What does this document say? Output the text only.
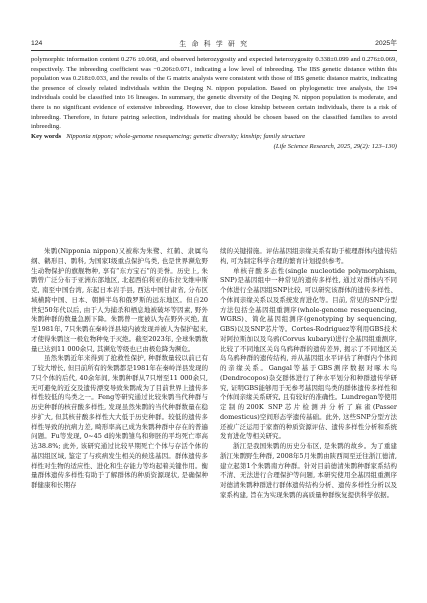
124	生 命 科 学 研 究	2025年

polymorphic information content 0.276 ±0.068, and observed heterozygosity and expected heterozygosity 0.338±0.099 and 0.276±0.069, respectively. The inbreeding coefficient was −0.206±0.071, indicating a low level of inbreeding. The IBS genetic distance within this population was 0.218±0.033, and the results of the G matrix analysis were consistent with those of IBS genetic distance matrix, indicating the presence of closely related individuals within the Deqing N. nippon population. Based on phylogenetic tree analysis, the 194 individuals could be classified into 16 lineages. In summary, the genetic diversity of the Deqing N. nippon population is moderate, and there is no significant evidence of extensive inbreeding. However, due to close kinship between certain individuals, there is a risk of inbreeding. Therefore, in future pairing selection, individuals for mating should be chosen based on the classified families to avoid inbreeding.

Key words Nipponia nippon; whole-genome resequencing; genetic diversity; kinship; family structure

(Life Science Research, 2025, 29(2): 123–130)

朱鹮(Nipponia nippon)又被称为朱鹭、红鹤、隶属鸟纲、鹳形目、鹮科, 为国家Ⅰ级重点保护鸟类, 也是世界濒危野生动物保护的旗舰物种, 享有“东方宝石”的美誉。历史上, 朱鹮曾广泛分布于亚洲东部地区, 北起西伯利亚的布拉戈维申斯克, 南至中国台湾, 东起日本岩手县, 西达中国甘肃省, 分布区域横跨中国、日本、朝鲜半岛和俄罗斯的远东地区。但自20世纪50年代以后, 由于人为捕杀和栖息地被破坏等因素, 野外朱鹮种群的数量急剧下降。朱鹮曾一度被认为在野外灭绝, 直至1981年, 7只朱鹮在秦岭洋县境内被发现并被人为保护起来, 才使得朱鹮这一极危物种免于灭绝。截至2023年, 全球朱鹮数量已达到11 000余只, 其濒危等级也已由极危降为濒危。

虽然朱鹮近年来得到了抢救性保护, 种群数量较以前已有了较大增长, 但目前所有的朱鹮都是1981年在秦岭洋县发现的7只个体的后代, 40余年间, 朱鹮种群从7只增至11 000余只, 无可避免的近交及遗传漂变导致朱鹮成为了目前世界上遗传多样性较低的鸟类之一。Feng等研究通过比较朱鹮当代种群与历史种群的核苷酸多样性, 发现虽然朱鹮的当代种群数量在稳步扩大, 但其核苷酸多样性大大低于历史种群。较低的遗传多样性导致的抗病力差, 畸形率高已成为朱鹮种群中存在的普遍问题。Fu等发现, 0~45 d的朱鹮雏鸟和卵胚的平均死亡率高达38.8%; 此外, 该研究通过比较早期死亡个体与存活个体的基因组区域, 鉴定了与疾病发生相关的候选基因。群体遗传多样性对生物的适应性、进化和生存能力等均起着关键作用。衡量群体遗传多样性有助于了解群体的种质资源现状, 是确保种群健康和长期存

续的关键措施。评估基因组亲缘关系有助于梳理群体内遗传结构, 可为制定科学合理的繁育计划提供参考。

单核苷酸多态性(single nucleotide polymorphism, SNP)是基因组中一种常见的遗传多样性, 通过对群体内不同个体进行全基因组SNP比较, 可以研究该群体的遗传多样性、个体间亲缘关系以及系统发育进化等。目前, 常见的SNP分型方法包括全基因组重测序(whole-genome resequencing, WGRS)、简化基因组测序(genotyping by sequencing, GBS)以及SNP芯片等。Cortes-Rodriguez等利用GBS技术对阿拉斯加以及乌鸦(Corvus kubaryi)进行全基因组重测序, 比较了不同地区关岛乌鸦种群的遗传差异, 揭示了不同地区关岛乌鸦种群的遗传结构, 并从基因组水平评估了种群内个体间的亲缘关系。Gangal等基于GBS测序数据对啄木鸟(Dendrocopos)杂交群体进行了种水平划分和种群遗传学研究, 证明GBS能够用于无参考基因组鸟类的群体遗传多样性和个体间亲缘关系研究, 且有较好的准确性。Lundregan等使用定制的200K SNP芯片检测并分析了麻雀(Passer domesticus)空间形态学遗传基础。此外, 这些SNP分型方法还被广泛运用于家畜的种质资源评估、遗传多样性分析和系统发育进化等相关研究。

浙江是我国朱鹮的历史分布区, 是朱鹮的故乡。为了重建浙江朱鹮野生种群, 2008年5月朱鹮由陕西周至迁往浙江德清, 建立起第1个朱鹮南方种群。针对目前德清朱鹮种群家系结构不清、无法进行合理保护等问题, 本研究使用全基因组重测序对德清朱鹮种群进行群体遗传结构分析、遗传多样性分析以及家系构建, 旨在为实现朱鹮的高质量种群恢复提供科学依据。
